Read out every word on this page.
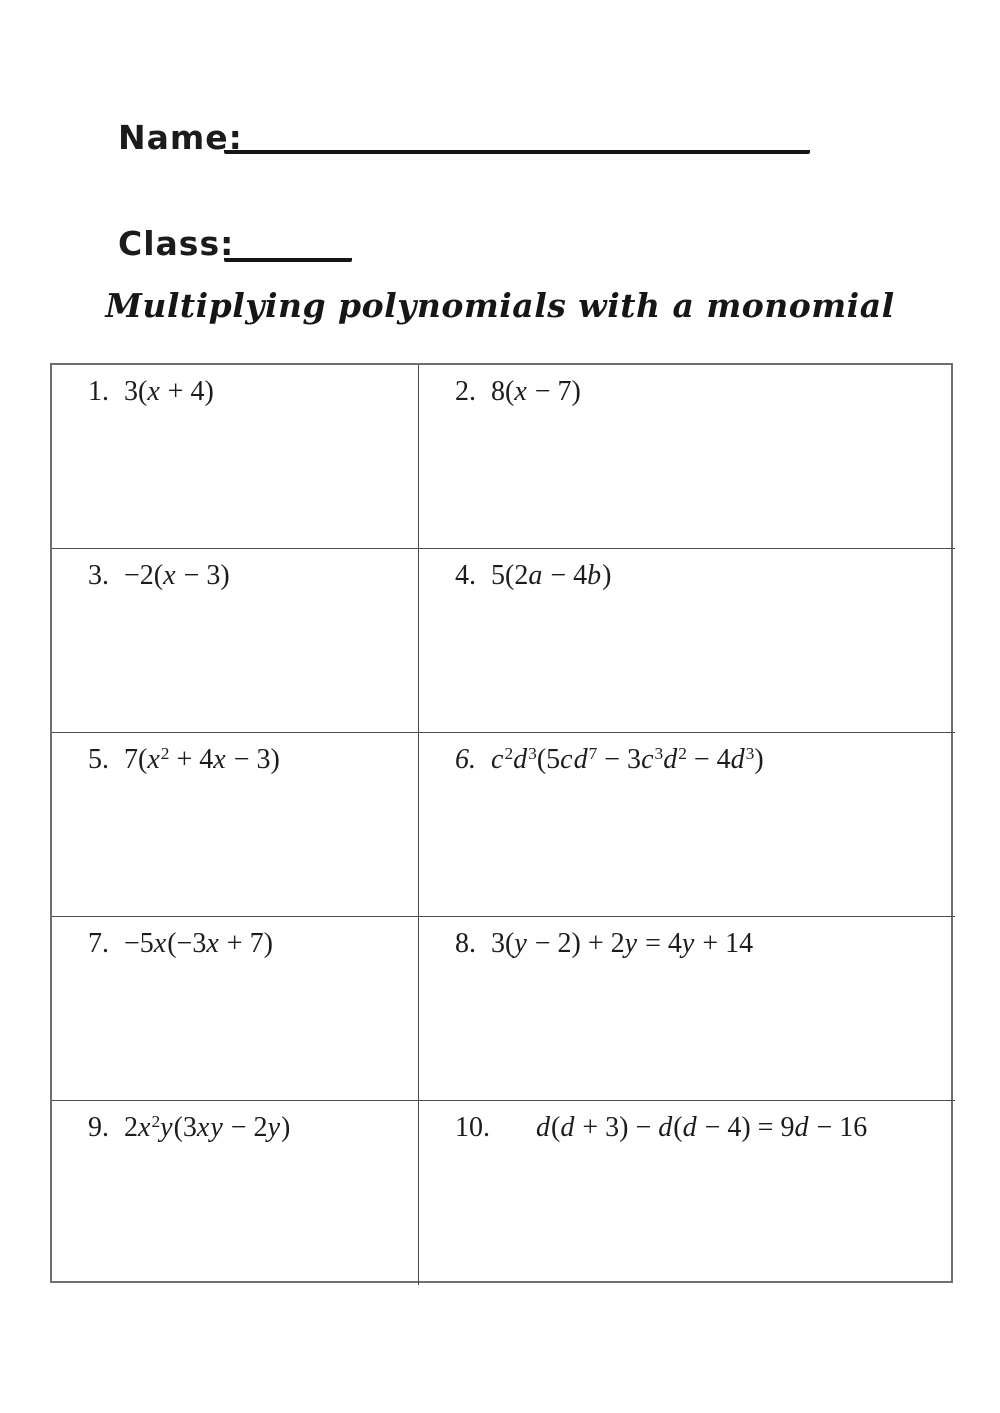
Name:
Class:
Multiplying polynomials with a monomial
1. 3(x + 4)	2. 8(x − 7)
3. −2(x − 3)	4. 5(2a − 4b)
5. $7(x^2 + 4x - 3)$	6. $c^2d^3(5cd^7 - 3c^3d^2 - 4d^3)$
7. −5x(−3x + 7)	8. 3(y − 2) + 2y = 4y + 14
9. $2x^2y(3xy - 2y)$	10. d(d + 3) − d(d − 4) = 9d − 16
